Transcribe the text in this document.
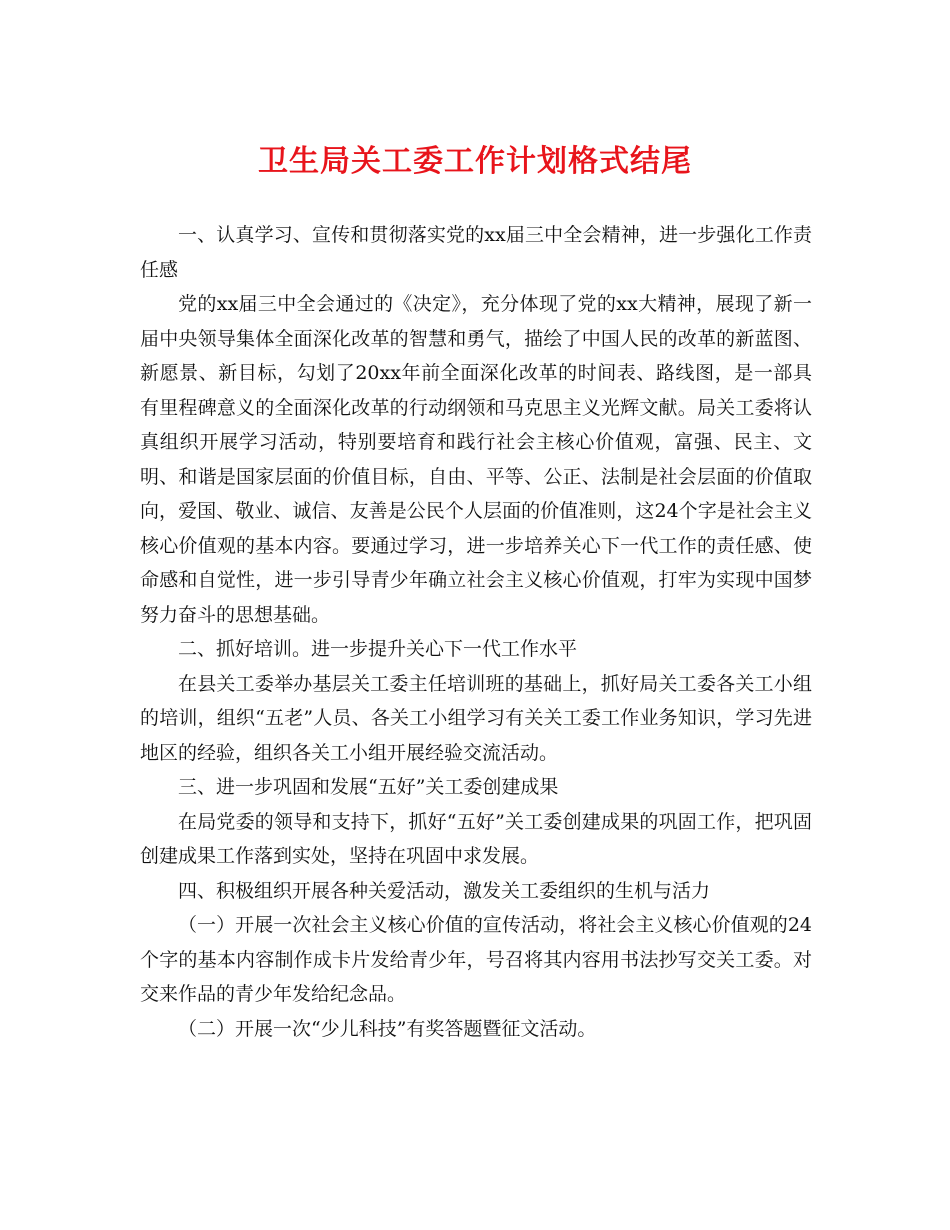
卫生局关工委工作计划格式结尾

一、认真学习、宣传和贯彻落实党的xx届三中全会精神，进一步强化工作责任感

党的xx届三中全会通过的《决定》，充分体现了党的xx大精神，展现了新一届中央领导集体全面深化改革的智慧和勇气，描绘了中国人民的改革的新蓝图、新愿景、新目标，勾划了20xx年前全面深化改革的时间表、路线图，是一部具有里程碑意义的全面深化改革的行动纲领和马克思主义光辉文献。局关工委将认真组织开展学习活动，特别要培育和践行社会主核心价值观，富强、民主、文明、和谐是国家层面的价值目标，自由、平等、公正、法制是社会层面的价值取向，爱国、敬业、诚信、友善是公民个人层面的价值准则，这24个字是社会主义核心价值观的基本内容。要通过学习，进一步培养关心下一代工作的责任感、使命感和自觉性，进一步引导青少年确立社会主义核心价值观，打牢为实现中国梦努力奋斗的思想基础。

二、抓好培训。进一步提升关心下一代工作水平

在县关工委举办基层关工委主任培训班的基础上，抓好局关工委各关工小组的培训，组织“五老”人员、各关工小组学习有关关工委工作业务知识，学习先进地区的经验，组织各关工小组开展经验交流活动。

三、进一步巩固和发展“五好”关工委创建成果

在局党委的领导和支持下，抓好“五好”关工委创建成果的巩固工作，把巩固创建成果工作落到实处，坚持在巩固中求发展。

四、积极组织开展各种关爱活动，激发关工委组织的生机与活力

（一）开展一次社会主义核心价值的宣传活动，将社会主义核心价值观的24个字的基本内容制作成卡片发给青少年，号召将其内容用书法抄写交关工委。对交来作品的青少年发给纪念品。

（二）开展一次“少儿科技”有奖答题暨征文活动。
